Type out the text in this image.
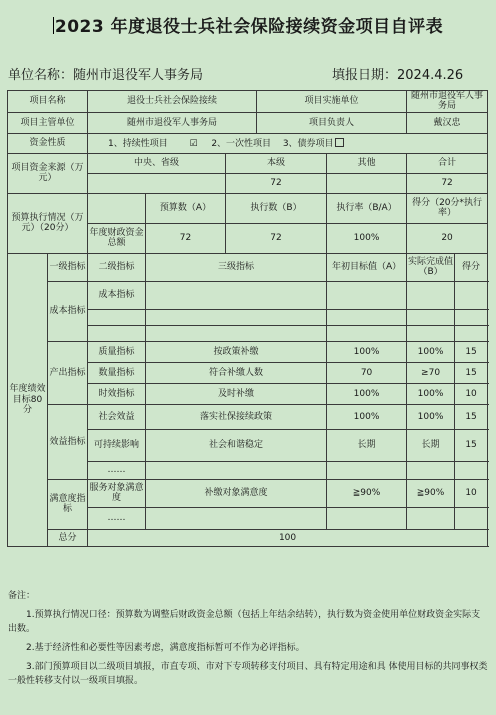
2023 年度退役士兵社会保险接续资金项目自评表
单位名称：随州市退役军人事务局	填报日期：2024.4.26
项目名称		退役士兵社会保险接续			项目实施单位		随州市退役军人事务局	
项目主管单位		随州市退役军人事务局			项目负责人		戴汉忠	
资金性质		1、持续性项目 ☑ 2、一次性项目 3、债券项目						
项目资金来源（万元）		中央、省级		本级		其他	合计	
				72			72	
预算执行情况（万元）（20分）			预算数（A）	执行数（B）		执行率（B/A）	得分（20分*执行率）	
		年度财政资金总额	72	72		100%	20	
年度绩效目标80分	一级指标	二级指标	三级指标			年初目标值（A）	实际完成值（B）	得分
	成本指标	成本指标						

	产出指标	质量指标	按政策补缴			100%	100%	15
		数量指标	符合补缴人数			70	≥70	15
		时效指标	及时补缴			100%	100%	10
	效益指标	社会效益	落实社保接续政策			100%	100%	15
		可持续影响	社会和谐稳定			长期	长期	15
		……						
	满意度指标	服务对象满意度	补缴对象满意度			≧90%	≧90%	10
		……						
	总分	100						

备注：

1.预算执行情况口径：预算数为调整后财政资金总额（包括上年结余结转），执行数为资金使用单位财政资金实际支出数。

2.基于经济性和必要性等因素考虑，满意度指标暂可不作为必评指标。

3.部门预算项目以二级项目填报，市直专项、市对下专项转移支付项目、具有特定用途和具 体使用目标的共同事权类一般性转移支付以一级项目填报。
